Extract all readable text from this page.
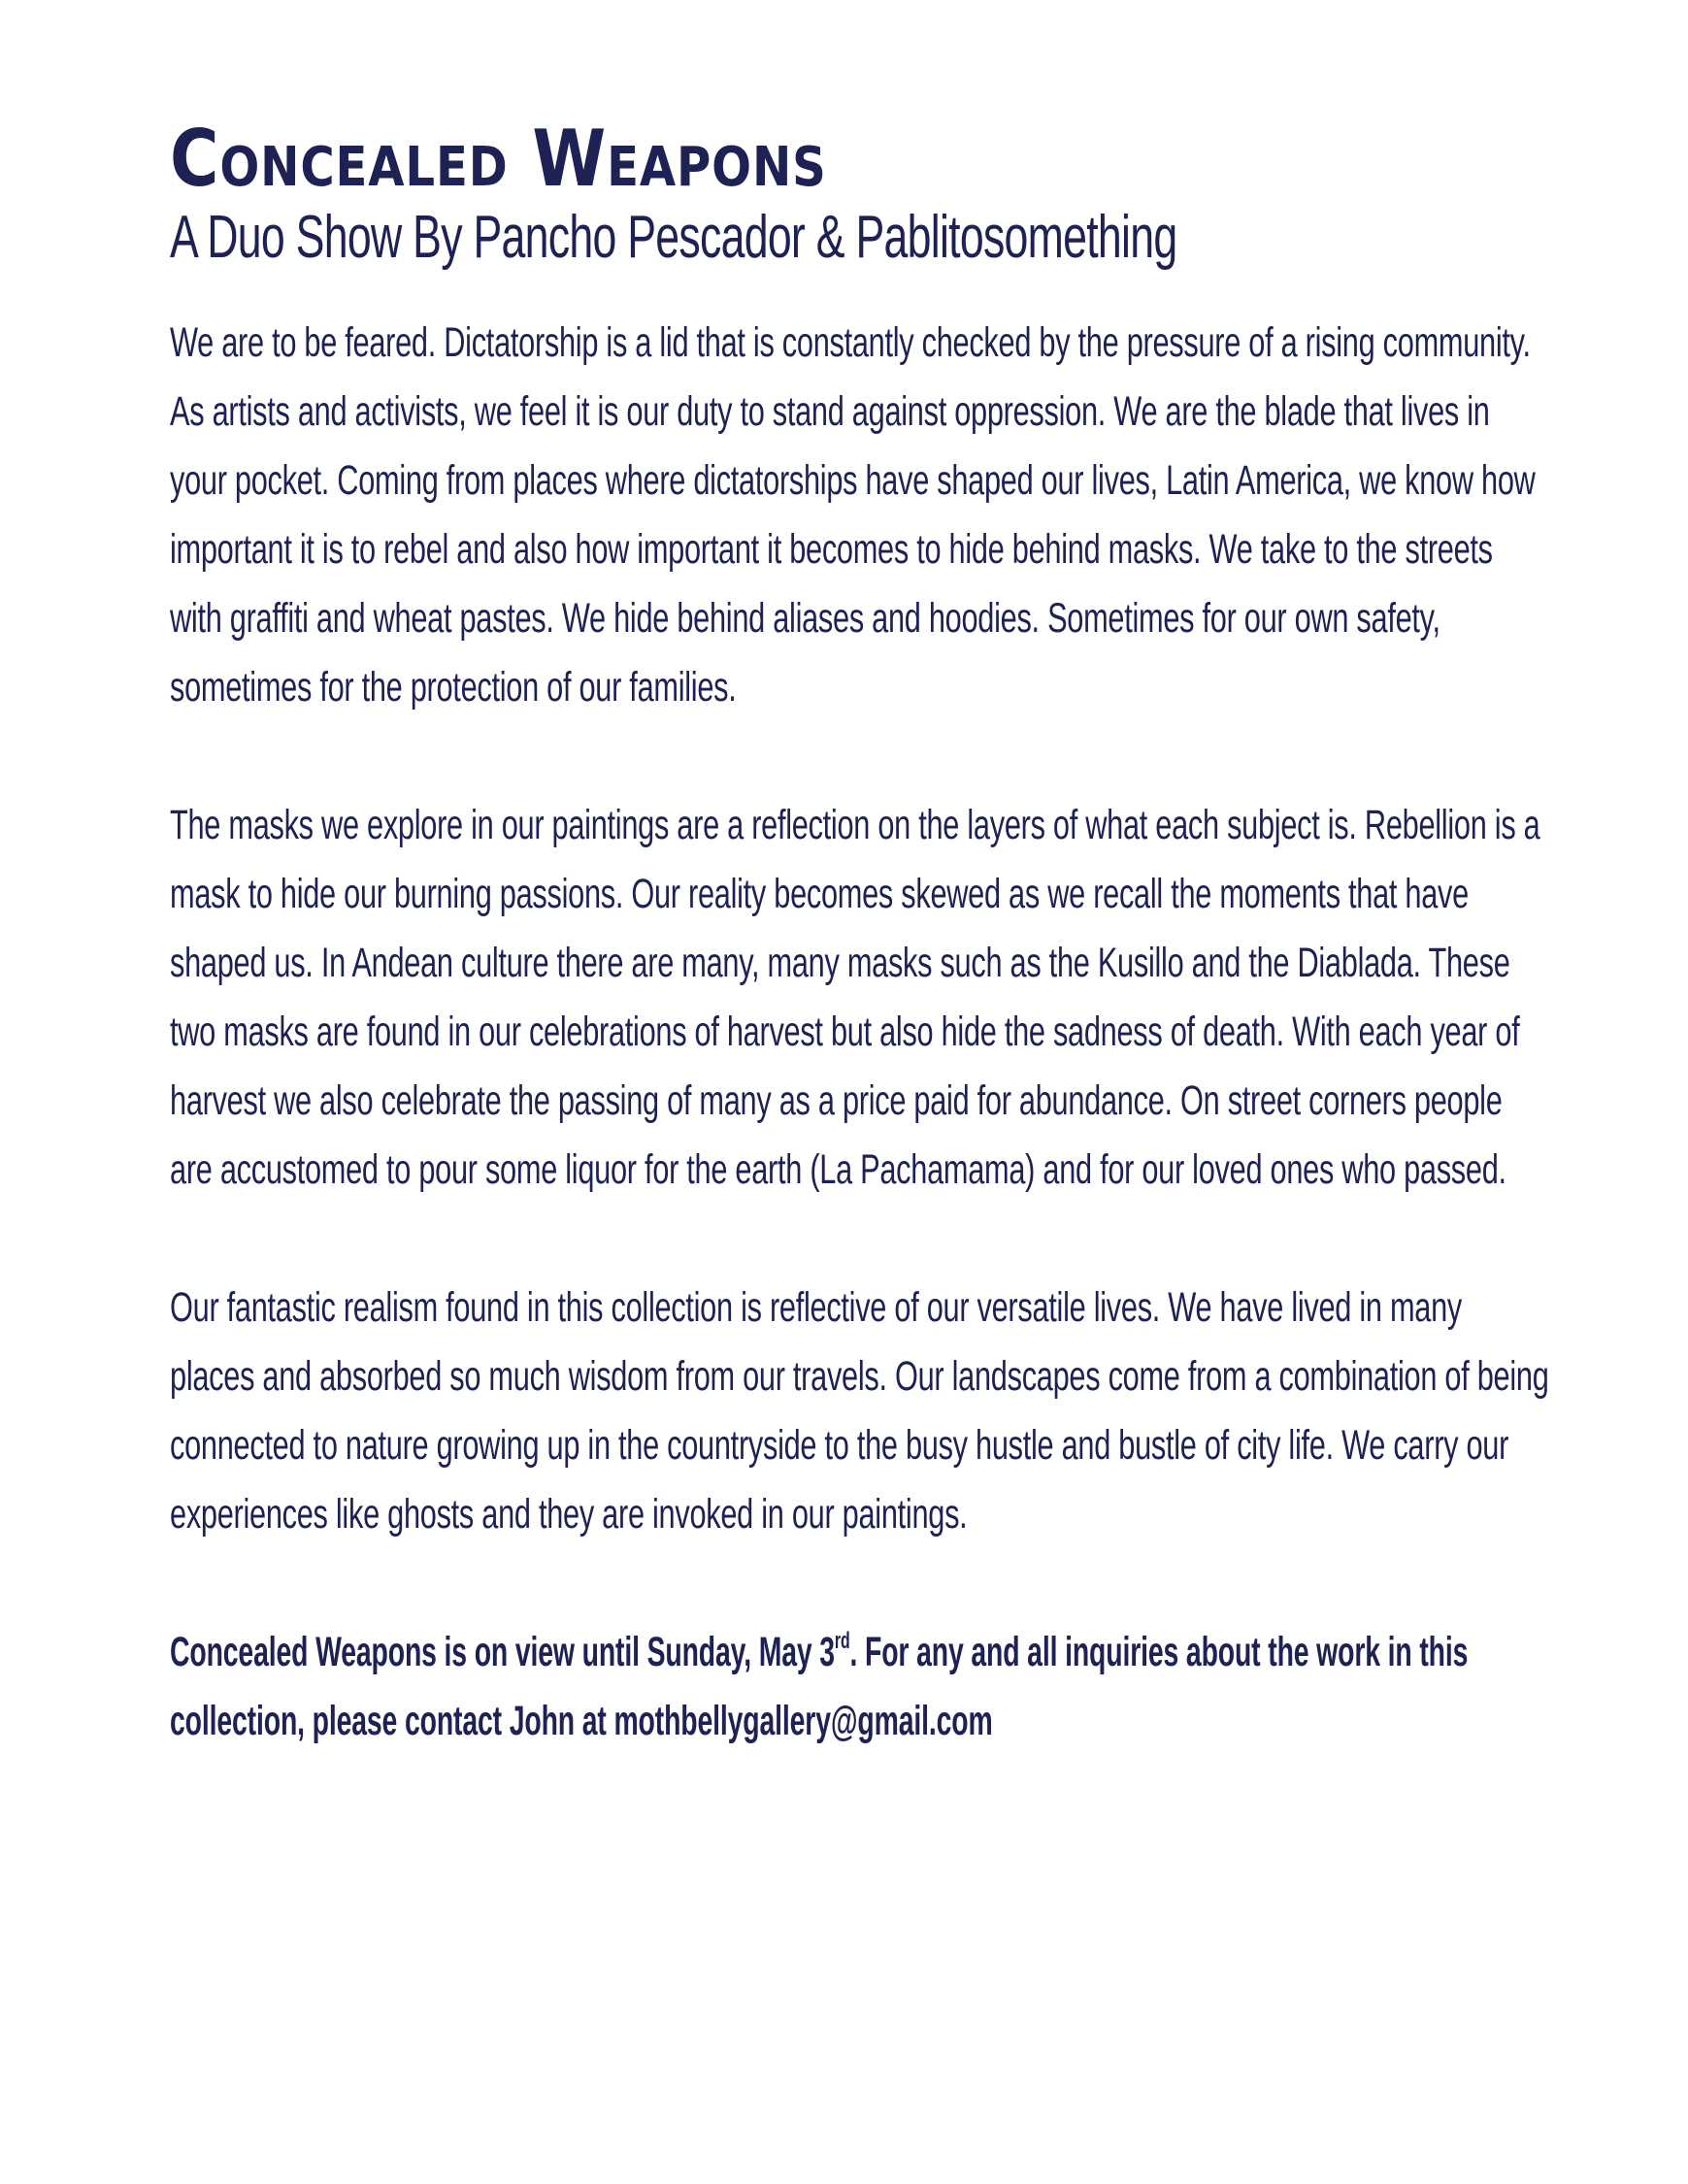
Concealed Weapons
A Duo Show By Pancho Pescador & Pablitosomething

We are to be feared. Dictatorship is a lid that is constantly checked by the pressure of a rising community.
As artists and activists, we feel it is our duty to stand against oppression. We are the blade that lives in
your pocket. Coming from places where dictatorships have shaped our lives, Latin America, we know how
important it is to rebel and also how important it becomes to hide behind masks. We take to the streets
with graffiti and wheat pastes. We hide behind aliases and hoodies. Sometimes for our own safety,
sometimes for the protection of our families.

The masks we explore in our paintings are a reflection on the layers of what each subject is. Rebellion is a
mask to hide our burning passions. Our reality becomes skewed as we recall the moments that have
shaped us. In Andean culture there are many, many masks such as the Kusillo and the Diablada. These
two masks are found in our celebrations of harvest but also hide the sadness of death. With each year of
harvest we also celebrate the passing of many as a price paid for abundance. On street corners people
are accustomed to pour some liquor for the earth (La Pachamama) and for our loved ones who passed.

Our fantastic realism found in this collection is reflective of our versatile lives. We have lived in many
places and absorbed so much wisdom from our travels. Our landscapes come from a combination of being
connected to nature growing up in the countryside to the busy hustle and bustle of city life. We carry our
experiences like ghosts and they are invoked in our paintings.

Concealed Weapons is on view until Sunday, May 3rd. For any and all inquiries about the work in this
collection, please contact John at mothbellygallery@gmail.com
